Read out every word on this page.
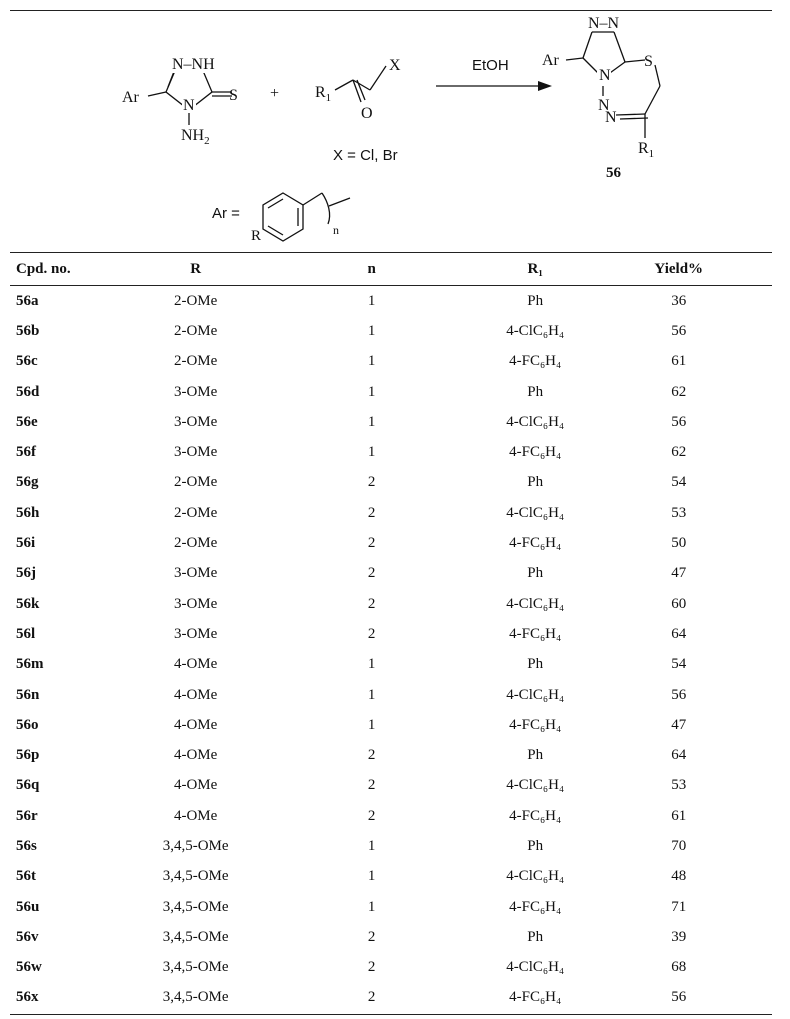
N–NH
Ar	S
N
$NH_2$
+ $R_1$
X
O
X = Cl, Br
EtOH
N–N
Ar
N
S
N
N
$R_1$
56
Ar =
R	n
Cpd. no.	R	n	R₁	Yield%
56a	2-OMe	1	Ph	36
56b	2-OMe	1	4-ClC₆H₄	56
56c	2-OMe	1	4-FC₆H₄	61
56d	3-OMe	1	Ph	62
56e	3-OMe	1	4-ClC₆H₄	56
56f	3-OMe	1	4-FC₆H₄	62
56g	2-OMe	2	Ph	54
56h	2-OMe	2	4-ClC₆H₄	53
56i	2-OMe	2	4-FC₆H₄	50
56j	3-OMe	2	Ph	47
56k	3-OMe	2	4-ClC₆H₄	60
56l	3-OMe	2	4-FC₆H₄	64
56m	4-OMe	1	Ph	54
56n	4-OMe	1	4-ClC₆H₄	56
56o	4-OMe	1	4-FC₆H₄	47
56p	4-OMe	2	Ph	64
56q	4-OMe	2	4-ClC₆H₄	53
56r	4-OMe	2	4-FC₆H₄	61
56s	3,4,5-OMe	1	Ph	70
56t	3,4,5-OMe	1	4-ClC₆H₄	48
56u	3,4,5-OMe	1	4-FC₆H₄	71
56v	3,4,5-OMe	2	Ph	39
56w	3,4,5-OMe	2	4-ClC₆H₄	68
56x	3,4,5-OMe	2	4-FC₆H₄	56
